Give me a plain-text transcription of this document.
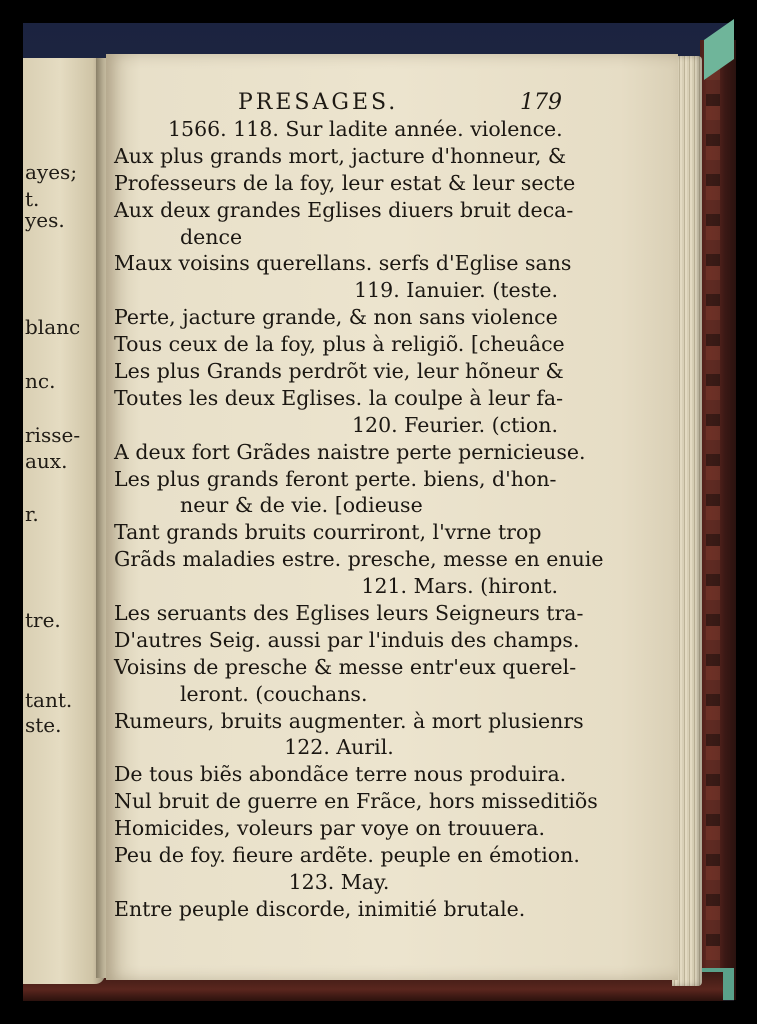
ayes;
t.
yes.
blanc
nc.
risse-
aux.
r.
tre.
tant.
ste.
PRESAGES.	179
1566. 118. Sur ladite année. violence.
Aux plus grands mort, jacture d'honneur, &
Professeurs de la foy, leur estat & leur secte
Aux deux grandes Eglises diuers bruit deca-
dence
Maux voisins querellans. serfs d'Eglise sans
119. Ianuier. (teste.
Perte, jacture grande, & non sans violence
Tous ceux de la foy, plus à religiõ. [cheuâce
Les plus Grands perdrõt vie, leur hõneur &
Toutes les deux Eglises. la coulpe à leur fa-
120. Feurier. (ction.
A deux fort Grãdes naistre perte pernicieuse.
Les plus grands feront perte. biens, d'hon-
neur & de vie. [odieuse
Tant grands bruits courriront, l'vrne trop
Grãds maladies estre. presche, messe en enuie
121. Mars. (hiront.
Les seruants des Eglises leurs Seigneurs tra-
D'autres Seig. aussi par l'induis des champs.
Voisins de presche & messe entr'eux querel-
leront. (couchans.
Rumeurs, bruits augmenter. à mort plusienrs
122. Auril.
De tous biẽs abondãce terre nous produira.
Nul bruit de guerre en Frãce, hors misseditiõs
Homicides, voleurs par voye on trouuera.
Peu de foy. fieure ardẽte. peuple en émotion.
123. May.
Entre peuple discorde, inimitié brutale.
